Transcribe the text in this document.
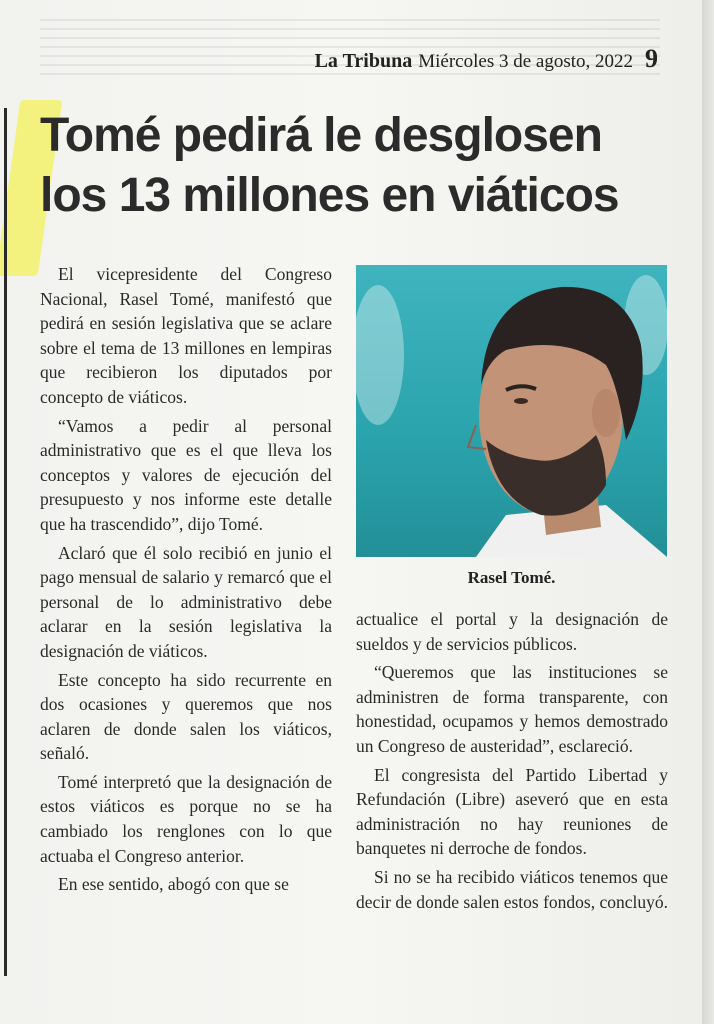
La Tribuna Miércoles 3 de agosto, 2022 9
Tomé pedirá le desglosen
los 13 millones en viáticos

El vicepresidente del Congreso Nacional, Rasel Tomé, manifestó que pedirá en sesión legislativa que se aclare sobre el tema de 13 millones en lempiras que recibieron los diputados por concepto de viáticos.

“Vamos a pedir al personal administrativo que es el que lleva los conceptos y valores de ejecución del presupuesto y nos informe este detalle que ha trascendido”, dijo Tomé.

Aclaró que él solo recibió en junio el pago mensual de salario y remarcó que el personal de lo administrativo debe aclarar en la sesión legislativa la designación de viáticos.

Este concepto ha sido recurrente en dos ocasiones y queremos que nos aclaren de donde salen los viáticos, señaló.

Tomé interpretó que la designación de estos viáticos es porque no se ha cambiado los renglones con lo que actuaba el Congreso anterior.

En ese sentido, abogó con que se

Rasel Tomé.

actualice el portal y la designación de sueldos y de servicios públicos.

“Queremos que las instituciones se administren de forma transparente, con honestidad, ocupamos y hemos demostrado un Congreso de austeridad”, esclareció.

El congresista del Partido Libertad y Refundación (Libre) aseveró que en esta administración no hay reuniones de banquetes ni derroche de fondos.

Si no se ha recibido viáticos tenemos que decir de donde salen estos fondos, concluyó.
